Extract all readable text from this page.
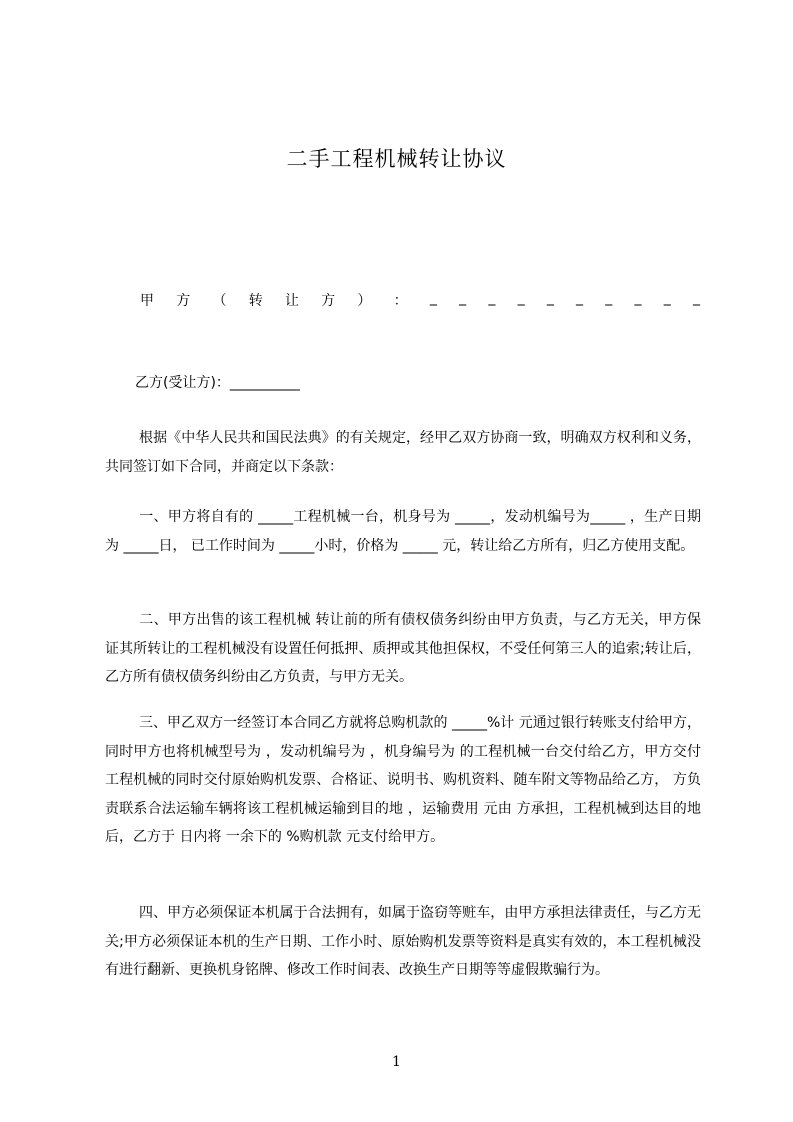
二手工程机械转让协议
甲 方 （ 转 让 方 ） ： _ _ _ _ _ _ _ _ _ _
乙方(受让方)：__________
根据《中华人民共和国民法典》的有关规定，经甲乙双方协商一致，明确双方权利和义务，共同签订如下合同，并商定以下条款：
一、甲方将自有的 _____工程机械一台，机身号为 _____，发动机编号为_____ ，生产日期为 _____日， 已工作时间为 _____小时，价格为 _____ 元，转让给乙方所有，归乙方使用支配。
二、甲方出售的该工程机械 转让前的所有债权债务纠纷由甲方负责，与乙方无关，甲方保证其所转让的工程机械没有设置任何抵押、质押或其他担保权，不受任何第三人的追索;转让后，乙方所有债权债务纠纷由乙方负责，与甲方无关。
三、甲乙双方一经签订本合同乙方就将总购机款的 _____%计 元通过银行转账支付给甲方，同时甲方也将机械型号为 ，发动机编号为 ，机身编号为 的工程机械一台交付给乙方，甲方交付工程机械的同时交付原始购机发票、合格证、说明书、购机资料、随车附文等物品给乙方， 方负责联系合法运输车辆将该工程机械运输到目的地 ，运输费用 元由 方承担，工程机械到达目的地后，乙方于 日内将 一余下的 %购机款 元支付给甲方。
四、甲方必须保证本机属于合法拥有，如属于盗窃等赃车，由甲方承担法律责任，与乙方无关;甲方必须保证本机的生产日期、工作小时、原始购机发票等资料是真实有效的，本工程机械没有进行翻新、更换机身铭牌、修改工作时间表、改换生产日期等等虚假欺骗行为。
1
